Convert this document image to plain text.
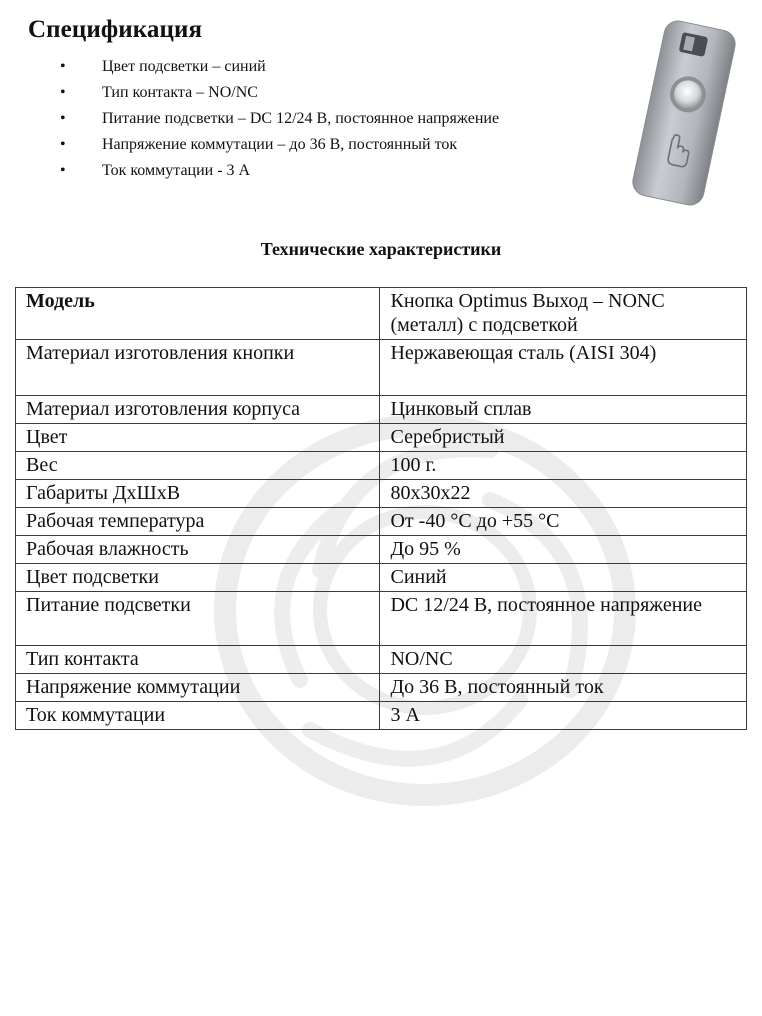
Спецификация
• Цвет подсветки – синий
• Тип контакта – NO/NC
• Питание подсветки – DC 12/24 В, постоянное напряжение
• Напряжение коммутации – до 36 В, постоянный ток
• Ток коммутации - 3 А
Технические характеристики
Модель	Кнопка Optimus Выход – NONC (металл) с подсветкой
Материал изготовления кнопки	Нержавеющая сталь (AISI 304)
Материал изготовления корпуса	Цинковый сплав
Цвет	Серебристый
Вес	100 г.
Габариты ДхШхВ	80x30x22
Рабочая температура	От -40 °С до +55 °С
Рабочая влажность	До 95 %
Цвет подсветки	Синий
Питание подсветки	DC 12/24 В, постоянное напряжение
Тип контакта	NO/NC
Напряжение коммутации	До 36 В, постоянный ток
Ток коммутации	3 А
